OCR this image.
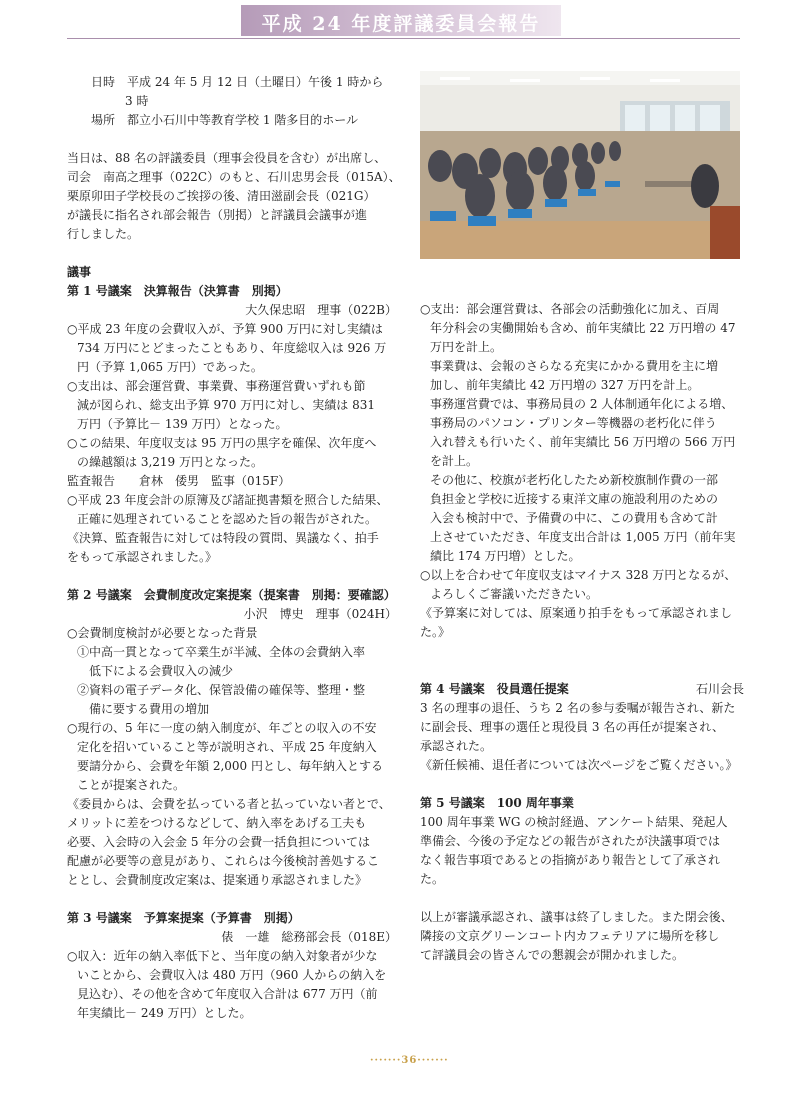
平成 24 年度評議委員会報告
　　日時　平成 24 年 5 月 12 日（土曜日）午後 1 時から
3 時
　　場所　都立小石川中等教育学校 1 階多目的ホール
当日は、88 名の評議委員（理事会役員を含む）が出席し、
司会　南高之理事（022C）のもと、石川忠男会長（015A）、
栗原卯田子学校長のご挨拶の後、清田滋副会長（021G）
が議長に指名され部会報告（別掲）と評議員会議事が進
行しました。
議事
第 1 号議案　決算報告（決算書　別掲）
大久保忠昭　理事（022B）
○平成 23 年度の会費収入が、予算 900 万円に対し実績は
734 万円にとどまったこともあり、年度総収入は 926 万
円（予算 1,065 万円）であった。
○支出は、部会運営費、事業費、事務運営費いずれも節
減が図られ、総支出予算 970 万円に対し、実績は 831
万円（予算比－ 139 万円）となった。
○この結果、年度収支は 95 万円の黒字を確保、次年度へ
の繰越額は 3,219 万円となった。
監査報告　　倉林　倭男　監事（015F）
○平成 23 年度会計の原簿及び諸証拠書類を照合した結果、
正確に処理されていることを認めた旨の報告がされた。
《決算、監査報告に対しては特段の質問、異議なく、拍手
をもって承認されました。》
第 2 号議案　会費制度改定案提案（提案書　別掲：要確認）
小沢　博史　理事（024H）
○会費制度検討が必要となった背景
①中高一貫となって卒業生が半減、全体の会費納入率
低下による会費収入の減少
②資料の電子データ化、保管設備の確保等、整理・整
備に要する費用の増加
○現行の、5 年に一度の納入制度が、年ごとの収入の不安
定化を招いていること等が説明され、平成 25 年度納入
要請分から、会費を年額 2,000 円とし、毎年納入とする
ことが提案された。
《委員からは、会費を払っている者と払っていない者とで、
メリットに差をつけるなどして、納入率をあげる工夫も
必要、入会時の入会金 5 年分の会費一括負担については
配慮が必要等の意見があり、これらは今後検討善処するこ
ととし、会費制度改定案は、提案通り承認されました》
第 3 号議案　予算案提案（予算書　別掲）
俵　一雄　総務部会長（018E）
○収入：近年の納入率低下と、当年度の納入対象者が少な
いことから、会費収入は 480 万円（960 人からの納入を
見込む）、その他を含めて年度収入合計は 677 万円（前
年実績比－ 249 万円）とした。
○支出：部会運営費は、各部会の活動強化に加え、百周
年分科会の実働開始も含め、前年実績比 22 万円増の 47
万円を計上。
事業費は、会報のさらなる充実にかかる費用を主に増
加し、前年実績比 42 万円増の 327 万円を計上。
事務運営費では、事務局員の 2 人体制通年化による増、
事務局のパソコン・プリンター等機器の老朽化に伴う
入れ替えも行いたく、前年実績比 56 万円増の 566 万円
を計上。
その他に、校旗が老朽化したため新校旗制作費の一部
負担金と学校に近接する東洋文庫の施設利用のための
入会も検討中で、予備費の中に、この費用も含めて計
上させていただき、年度支出合計は 1,005 万円（前年実
績比 174 万円増）とした。
○以上を合わせて年度収支はマイナス 328 万円となるが、
よろしくご審議いただきたい。
《予算案に対しては、原案通り拍手をもって承認されまし
た。》
第 4 号議案　役員選任提案	石川会長
3 名の理事の退任、うち 2 名の参与委嘱が報告され、新た
に副会長、理事の選任と現役員 3 名の再任が提案され、
承認された。
《新任候補、退任者については次ページをご覧ください。》
第 5 号議案　100 周年事業
100 周年事業 WG の検討経過、アンケート結果、発起人
準備会、今後の予定などの報告がされたが決議事項では
なく報告事項であるとの指摘があり報告として了承され
た。
以上が審議承認され、議事は終了しました。また閉会後、
隣接の文京グリーンコート内カフェテリアに場所を移し
て評議員会の皆さんでの懇親会が開かれました。
·······36·······
